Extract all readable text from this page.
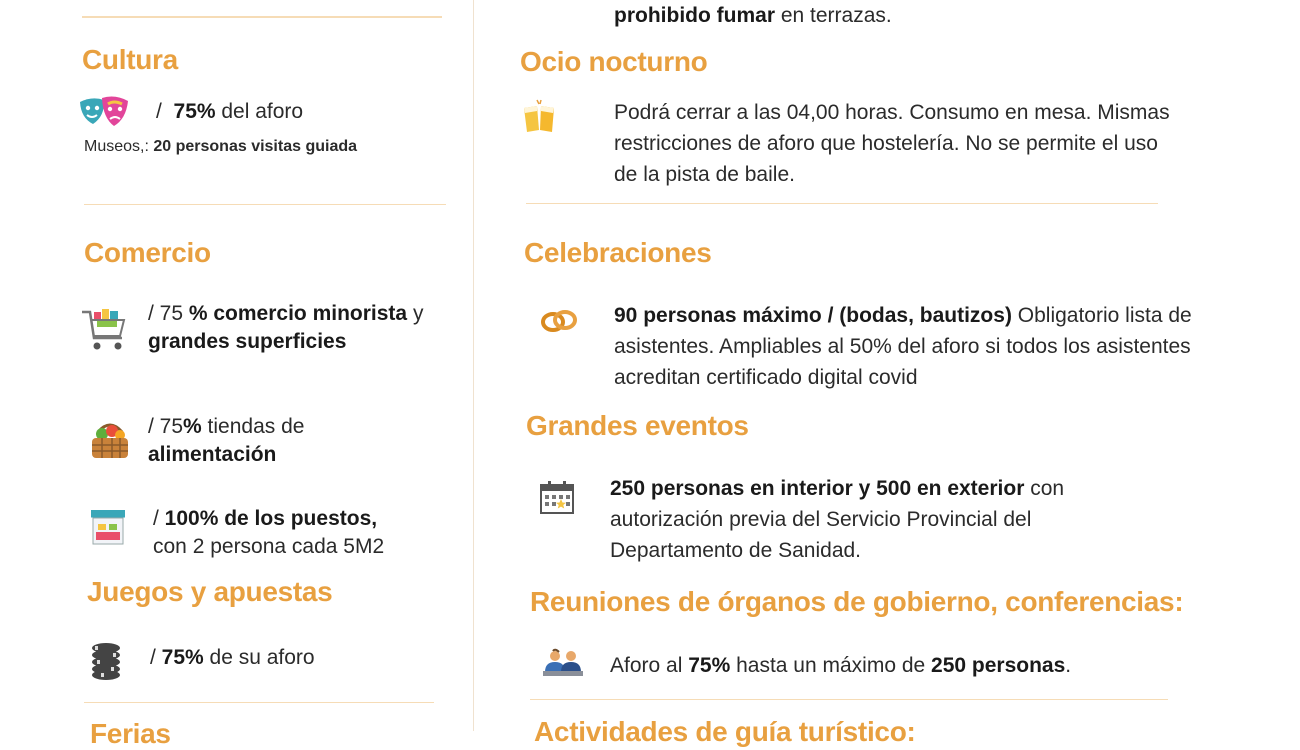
Cultura
/ 75% del aforo
Museos,: 20 personas visitas guiada
Comercio
/ 75 % comercio minorista y grandes superficies
/ 75% tiendas de alimentación
/ 100% de los puestos,
con 2 persona cada 5M2
Juegos y apuestas
/ 75% de su aforo
Ferias
prohibido fumar en terrazas.
Ocio nocturno
Podrá cerrar a las 04,00 horas. Consumo en mesa. Mismas restricciones de aforo que hostelería. No se permite el uso de la pista de baile.
Celebraciones
90 personas máximo / (bodas, bautizos) Obligatorio lista de asistentes. Ampliables al 50% del aforo si todos los asistentes acreditan certificado digital covid
Grandes eventos
250 personas en interior y 500 en exterior con autorización previa del Servicio Provincial del Departamento de Sanidad.
Reuniones de órganos de gobierno, conferencias:
Aforo al 75% hasta un máximo de 250 personas.
Actividades de guía turístico:
